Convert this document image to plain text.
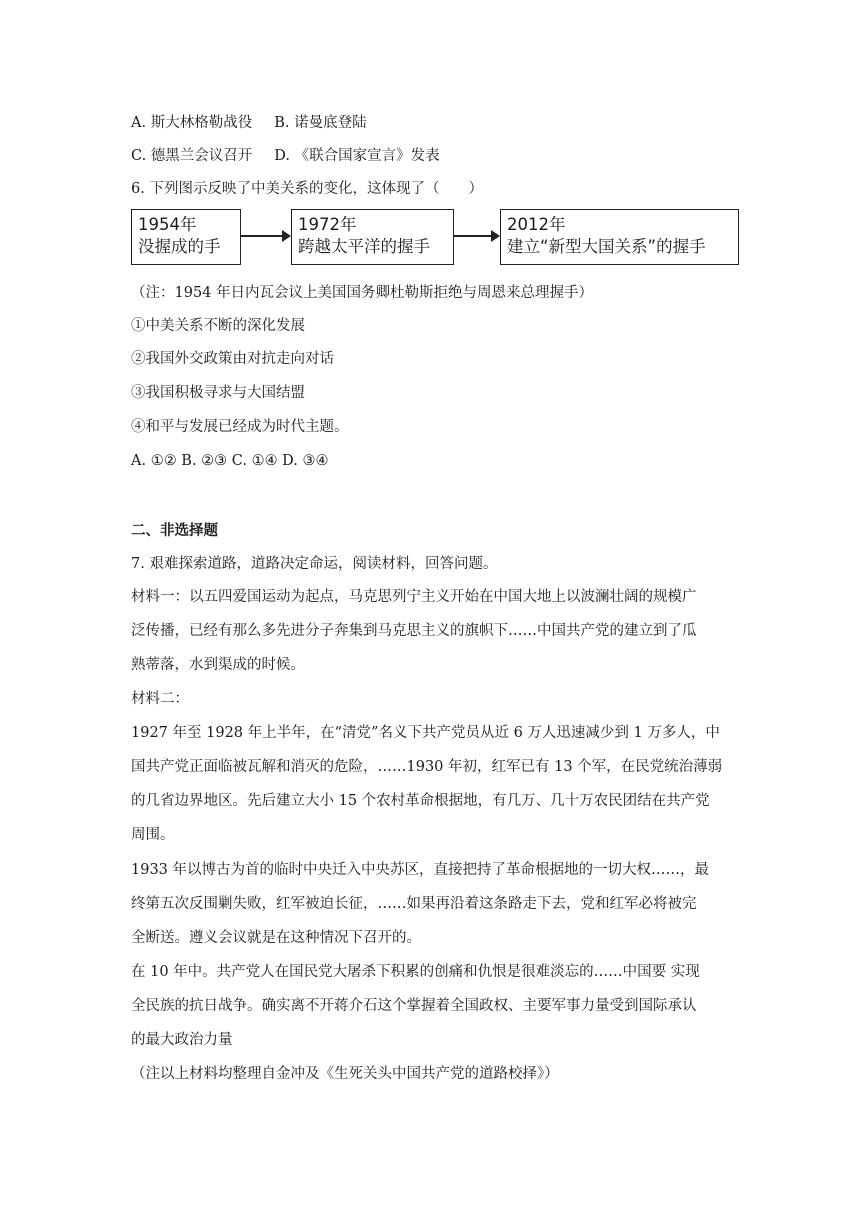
A. 斯大林格勒战役 B. 诺曼底登陆
C. 德黑兰会议召开 D. 《联合国家宣言》发表
6. 下列图示反映了中美关系的变化，这体现了（　　）
1954年
没握成的手
1972年
跨越太平洋的握手
2012年
建立“新型大国关系”的握手
（注：1954 年日内瓦会议上美国国务卿杜勒斯拒绝与周恩来总理握手）
①中美关系不断的深化发展
②我国外交政策由对抗走向对话
③我国积极寻求与大国结盟
④和平与发展已经成为时代主题。
A. ①② B. ②③ C. ①④ D. ③④
二、非选择题
7. 艰难探索道路，道路决定命运，阅读材料，回答问题。
材料一：以五四爱国运动为起点，马克思列宁主义开始在中国大地上以波澜壮阔的规模广
泛传播，已经有那么多先进分子奔集到马克思主义的旗帜下……中国共产党的建立到了瓜
熟蒂落，水到渠成的时候。
材料二：
1927 年至 1928 年上半年，在“清党”名义下共产党员从近 6 万人迅速减少到 1 万多人，中
国共产党正面临被瓦解和消灭的危险，……1930 年初，红军已有 13 个军，在民党统治薄弱
的几省边界地区。先后建立大小 15 个农村革命根据地，有几万、几十万农民团结在共产党
周围。
1933 年以博古为首的临时中央迁入中央苏区，直接把持了革命根据地的一切大权……，最
终第五次反围剿失败，红军被迫长征，……如果再沿着这条路走下去，党和红军必将被完
全断送。遵义会议就是在这种情况下召开的。
在 10 年中。共产党人在国民党大屠杀下积累的创痛和仇恨是很难淡忘的……中国要 实现
全民族的抗日战争。确实离不开蒋介石这个掌握着全国政权、主要军事力量受到国际承认
的最大政治力量
（注以上材料均整理自金冲及《生死关头中国共产党的道路校择》）
